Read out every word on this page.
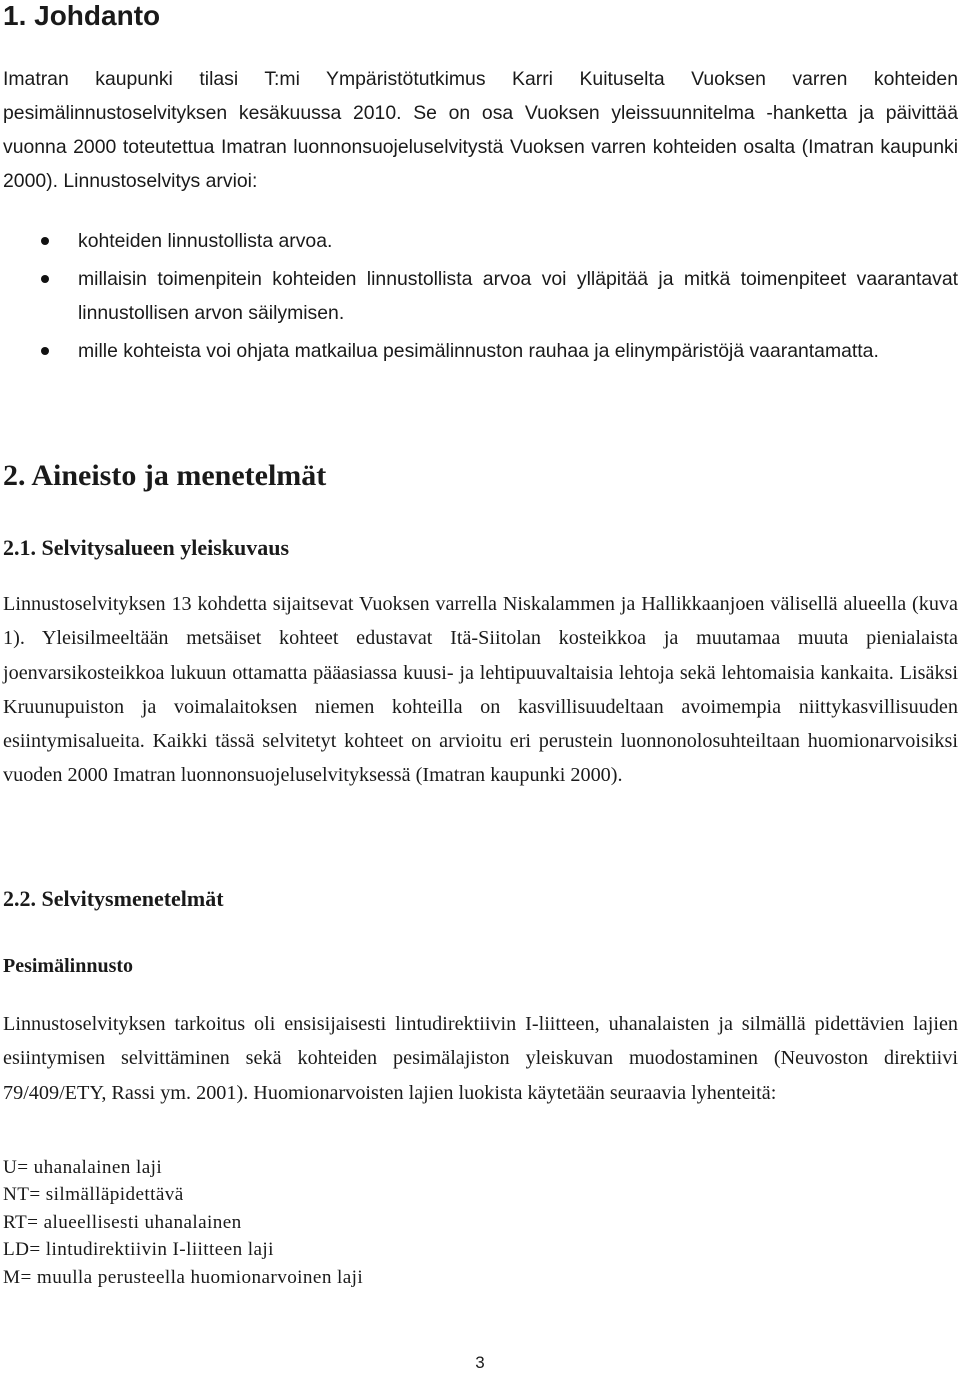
1. Johdanto

Imatran kaupunki tilasi T:mi Ympäristötutkimus Karri Kuituselta Vuoksen varren kohteiden pesimälinnustoselvityksen kesäkuussa 2010. Se on osa Vuoksen yleissuunnitelma -hanketta ja päivittää vuonna 2000 toteutettua Imatran luonnonsuojeluselvitystä Vuoksen varren kohteiden osalta (Imatran kaupunki 2000). Linnustoselvitys arvioi:

kohteiden linnustollista arvoa.
millaisin toimenpitein kohteiden linnustollista arvoa voi ylläpitää ja mitkä toimenpiteet vaarantavat linnustollisen arvon säilymisen.
mille kohteista voi ohjata matkailua pesimälinnuston rauhaa ja elinympäristöjä vaarantamatta.
2. Aineisto ja menetelmät
2.1. Selvitysalueen yleiskuvaus

Linnustoselvityksen 13 kohdetta sijaitsevat Vuoksen varrella Niskalammen ja Hallikkaanjoen välisellä alueella (kuva 1). Yleisilmeeltään metsäiset kohteet edustavat Itä-Siitolan kosteikkoa ja muutamaa muuta pienialaista joenvarsikosteikkoa lukuun ottamatta pääasiassa kuusi- ja lehtipuuvaltaisia lehtoja sekä lehtomaisia kankaita. Lisäksi Kruunupuiston ja voimalaitoksen niemen kohteilla on kasvillisuudeltaan avoimempia niittykasvillisuuden esiintymisalueita. Kaikki tässä selvitetyt kohteet on arvioitu eri perustein luonnonolosuhteiltaan huomionarvoisiksi vuoden 2000 Imatran luonnonsuojeluselvityksessä (Imatran kaupunki 2000).

2.2. Selvitysmenetelmät
Pesimälinnusto

Linnustoselvityksen tarkoitus oli ensisijaisesti lintudirektiivin I-liitteen, uhanalaisten ja silmällä pidettävien lajien esiintymisen selvittäminen sekä kohteiden pesimälajiston yleiskuvan muodostaminen (Neuvoston direktiivi 79/409/ETY, Rassi ym. 2001). Huomionarvoisten lajien luokista käytetään seuraavia lyhenteitä:

U= uhanalainen laji
NT= silmälläpidettävä
RT= alueellisesti uhanalainen
LD= lintudirektiivin I-liitteen laji
M= muulla perusteella huomionarvoinen laji
3
